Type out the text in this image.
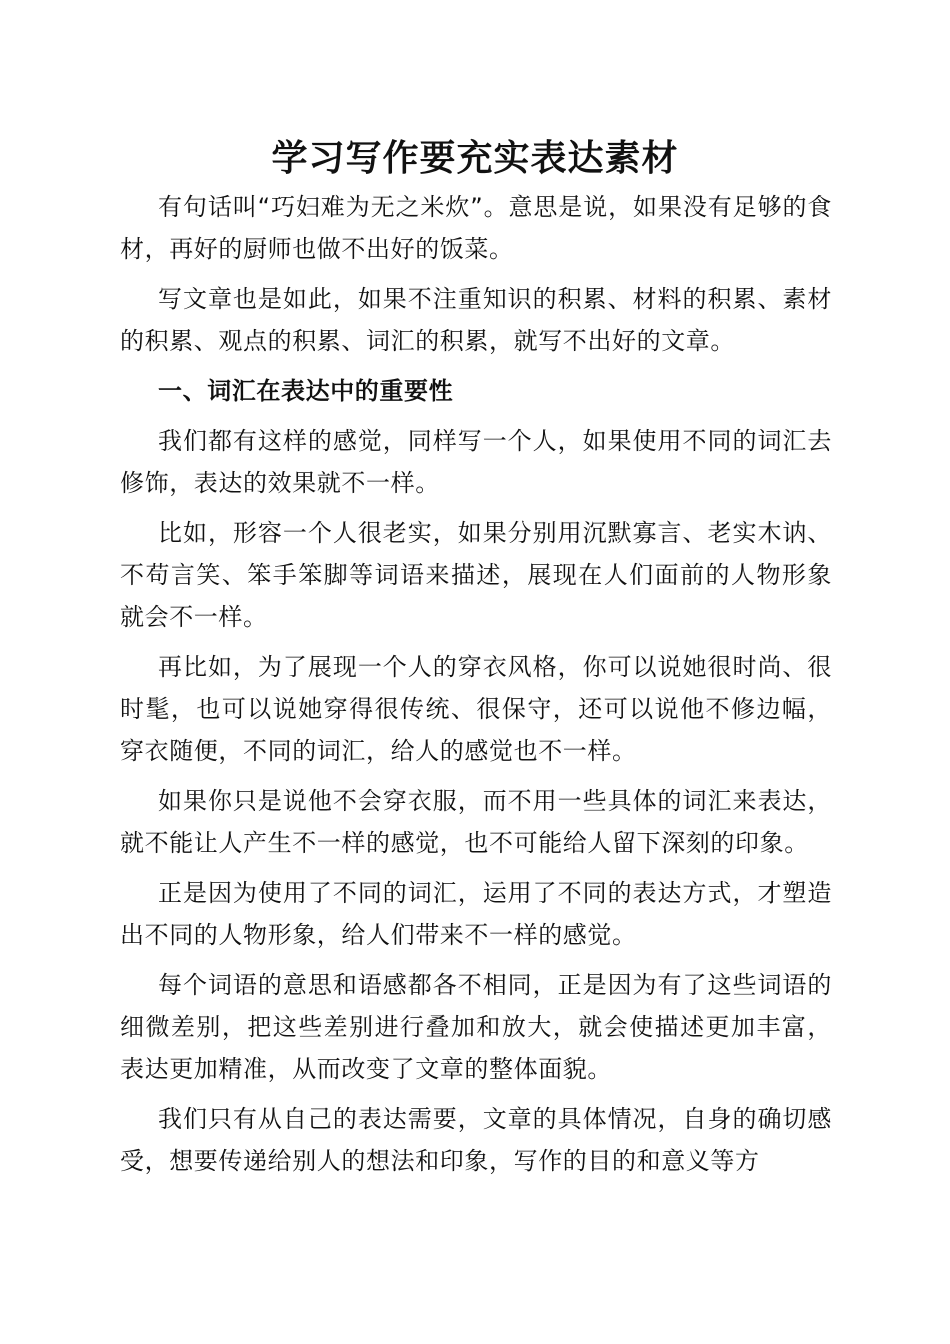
学习写作要充实表达素材

有句话叫“巧妇难为无之米炊”。意思是说，如果没有足够的食材，再好的厨师也做不出好的饭菜。

写文章也是如此，如果不注重知识的积累、材料的积累、素材的积累、观点的积累、词汇的积累，就写不出好的文章。

一、词汇在表达中的重要性

我们都有这样的感觉，同样写一个人，如果使用不同的词汇去修饰，表达的效果就不一样。

比如，形容一个人很老实，如果分别用沉默寡言、老实木讷、不苟言笑、笨手笨脚等词语来描述，展现在人们面前的人物形象就会不一样。

再比如，为了展现一个人的穿衣风格，你可以说她很时尚、很时髦，也可以说她穿得很传统、很保守，还可以说他不修边幅，穿衣随便，不同的词汇，给人的感觉也不一样。

如果你只是说他不会穿衣服，而不用一些具体的词汇来表达，就不能让人产生不一样的感觉，也不可能给人留下深刻的印象。

正是因为使用了不同的词汇，运用了不同的表达方式，才塑造出不同的人物形象，给人们带来不一样的感觉。

每个词语的意思和语感都各不相同，正是因为有了这些词语的细微差别，把这些差别进行叠加和放大，就会使描述更加丰富，表达更加精准，从而改变了文章的整体面貌。

我们只有从自己的表达需要，文章的具体情况，自身的确切感受，想要传递给别人的想法和印象，写作的目的和意义等方
